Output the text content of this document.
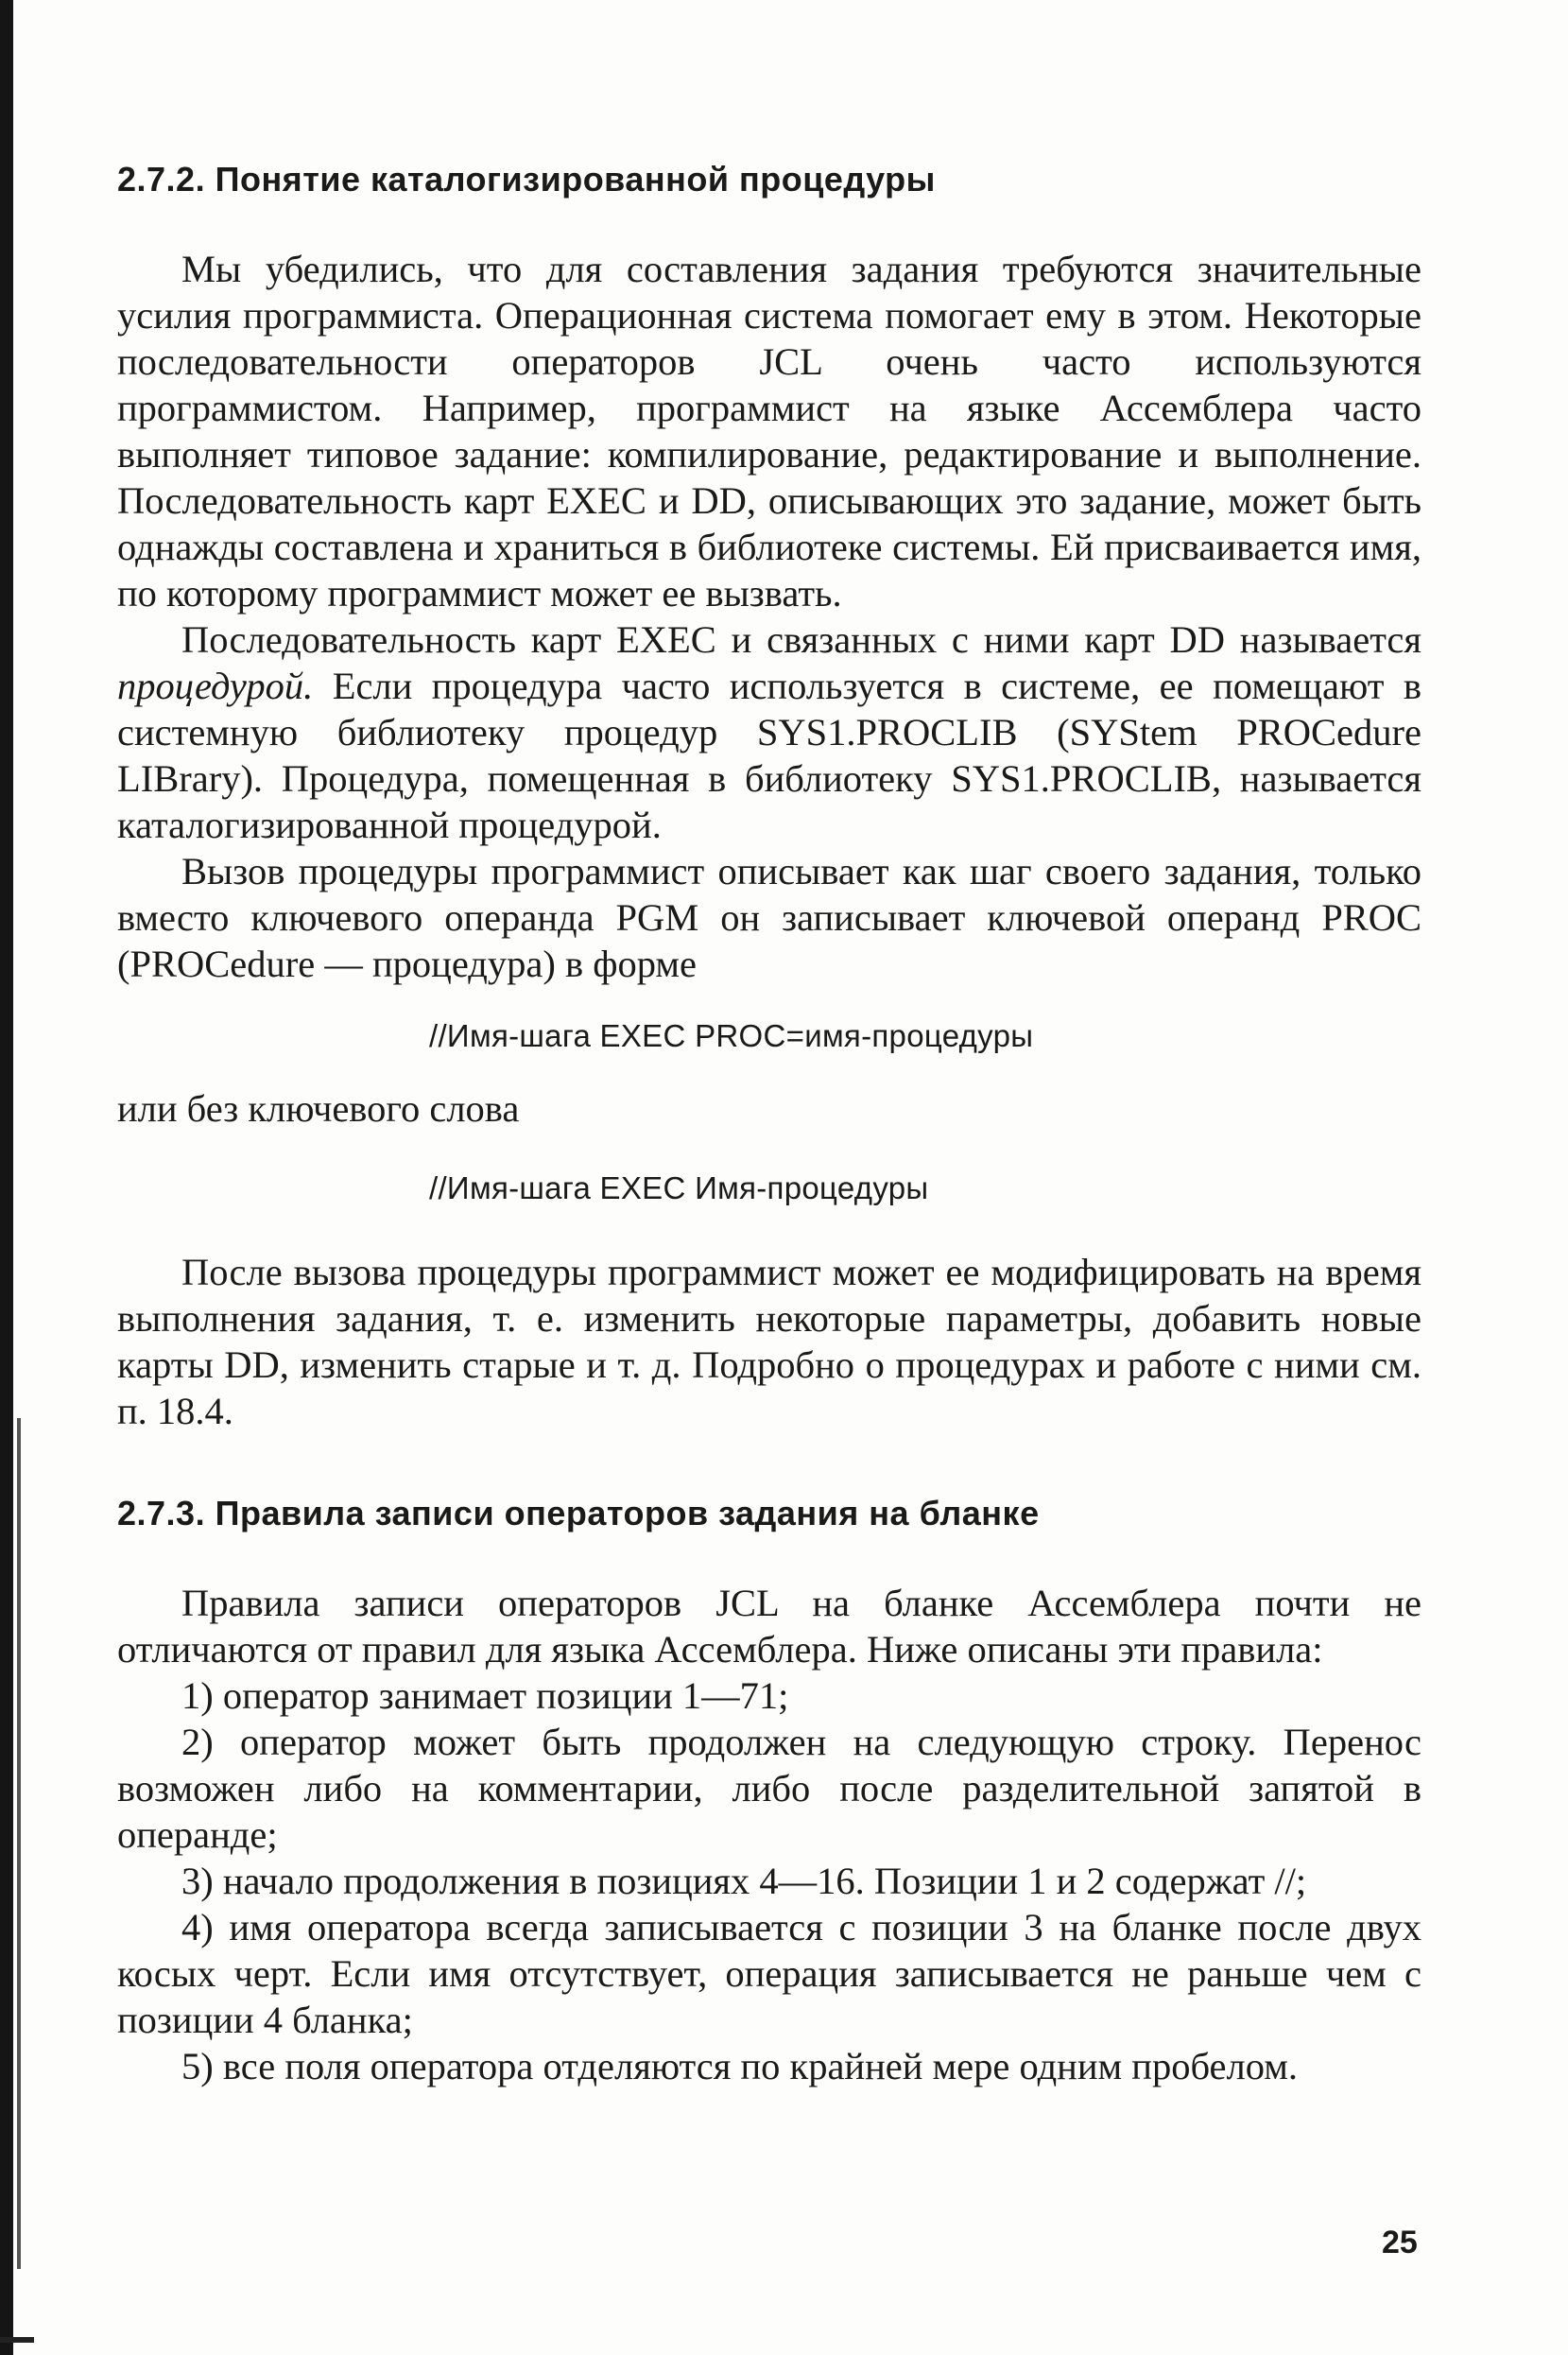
2.7.2. Понятие каталогизированной процедуры

Мы убедились, что для составления задания требуются значительные усилия программиста. Операционная система помогает ему в этом. Некоторые последовательности операторов JCL очень часто используются программистом. Например, программист на языке Ассемблера часто выполняет типовое задание: компилирование, редактирование и выполнение. Последовательность карт EXEC и DD, описывающих это задание, может быть однажды составлена и храниться в библиотеке системы. Ей присваивается имя, по которому программист может ее вызвать.

Последовательность карт EXEC и связанных с ними карт DD называется процедурой. Если процедура часто используется в системе, ее помещают в системную библиотеку процедур SYS1.PROCLIB (SYStem PROCedure LIBrary). Процедура, помещенная в библиотеку SYS1.PROCLIB, называется каталогизированной процедурой.

Вызов процедуры программист описывает как шаг своего задания, только вместо ключевого операнда PGM он записывает ключевой операнд PROC (PROCedure — процедура) в форме

//Имя-шага EXEC PROC=имя-процедуры

или без ключевого слова

//Имя-шага EXEC Имя-процедуры

После вызова процедуры программист может ее модифицировать на время выполнения задания, т. е. изменить некоторые параметры, добавить новые карты DD, изменить старые и т. д. Подробно о процедурах и работе с ними см. п. 18.4.

2.7.3. Правила записи операторов задания на бланке

Правила записи операторов JCL на бланке Ассемблера почти не отличаются от правил для языка Ассемблера. Ниже описаны эти правила:

1) оператор занимает позиции 1—71;

2) оператор может быть продолжен на следующую строку. Перенос возможен либо на комментарии, либо после разделительной запятой в операнде;

3) начало продолжения в позициях 4—16. Позиции 1 и 2 содержат //;

4) имя оператора всегда записывается с позиции 3 на бланке после двух косых черт. Если имя отсутствует, операция записывается не раньше чем с позиции 4 бланка;

5) все поля оператора отделяются по крайней мере одним пробелом.

25
